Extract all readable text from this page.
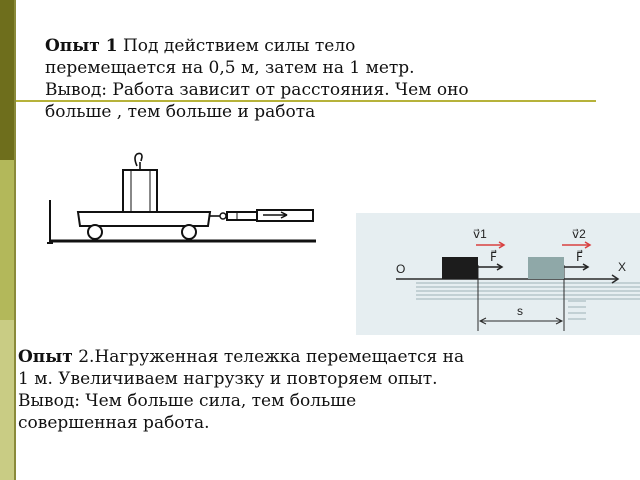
Опыт 1 Под действием силы тело
перемещается на 0,5 м, затем на 1 метр.
Вывод: Работа зависит от расстояния. Чем оно
больше , тем больше и работа
v⃗1	v⃗2
F⃗	F⃗
O	X
s
Опыт 2.Нагруженная тележка перемещается на
1 м. Увеличиваем нагрузку и повторяем опыт.
Вывод: Чем больше сила, тем больше
совершенная работа.
